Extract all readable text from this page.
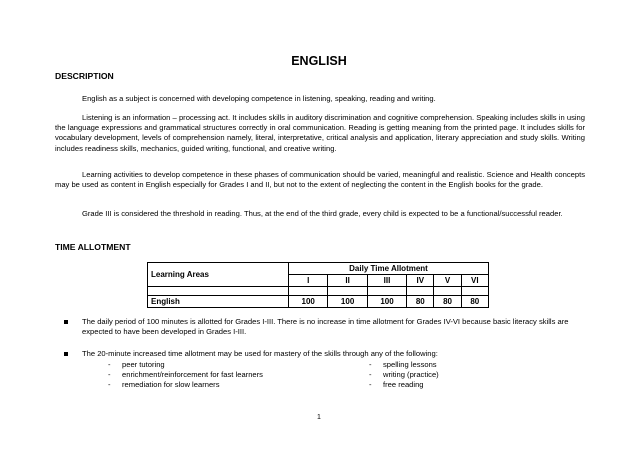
ENGLISH
DESCRIPTION
English as a subject is concerned with developing competence in listening, speaking, reading and writing.
Listening is an information – processing act. It includes skills in auditory discrimination and cognitive comprehension. Speaking includes skills in using the language expressions and grammatical structures correctly in oral communication. Reading is getting meaning from the printed page. It includes skills for vocabulary development, levels of comprehension namely, literal, interpretative, critical analysis and application, literary appreciation and study skills. Writing includes readiness skills, mechanics, guided writing, functional, and creative writing.
Learning activities to develop competence in these phases of communication should be varied, meaningful and realistic. Science and Health concepts may be used as content in English especially for Grades I and II, but not to the extent of neglecting the content in the English books for the grade.
Grade III is considered the threshold in reading. Thus, at the end of the third grade, every child is expected to be a functional/successful reader.
TIME ALLOTMENT
Learning Areas	Daily Time Allotment					
	I	II	III	IV	V	VI

English	100	100	100	80	80	80
The daily period of 100 minutes is allotted for Grades I-III. There is no increase in time allotment for Grades IV-VI because basic literacy skills are expected to have been developed in Grades I-III.
The 20-minute increased time allotment may be used for mastery of the skills through any of the following:
- peer tutoring
- enrichment/reinforcement for fast learners
- remediation for slow learners
- spelling lessons
- writing (practice)
- free reading
1
